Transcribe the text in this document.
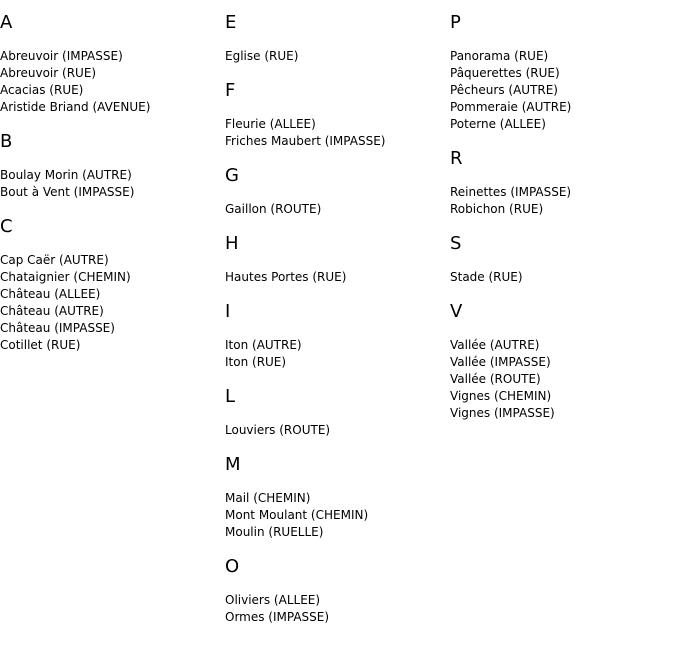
A
Abreuvoir (IMPASSE)
Abreuvoir (RUE)
Acacias (RUE)
Aristide Briand (AVENUE)
B
Boulay Morin (AUTRE)
Bout à Vent (IMPASSE)
C
Cap Caër (AUTRE)
Chataignier (CHEMIN)
Château (ALLEE)
Château (AUTRE)
Château (IMPASSE)
Cotillet (RUE)
E
Eglise (RUE)
F
Fleurie (ALLEE)
Friches Maubert (IMPASSE)
G
Gaillon (ROUTE)
H
Hautes Portes (RUE)
I
Iton (AUTRE)
Iton (RUE)
L
Louviers (ROUTE)
M
Mail (CHEMIN)
Mont Moulant (CHEMIN)
Moulin (RUELLE)
O
Oliviers (ALLEE)
Ormes (IMPASSE)
P
Panorama (RUE)
Pâquerettes (RUE)
Pêcheurs (AUTRE)
Pommeraie (AUTRE)
Poterne (ALLEE)
R
Reinettes (IMPASSE)
Robichon (RUE)
S
Stade (RUE)
V
Vallée (AUTRE)
Vallée (IMPASSE)
Vallée (ROUTE)
Vignes (CHEMIN)
Vignes (IMPASSE)
